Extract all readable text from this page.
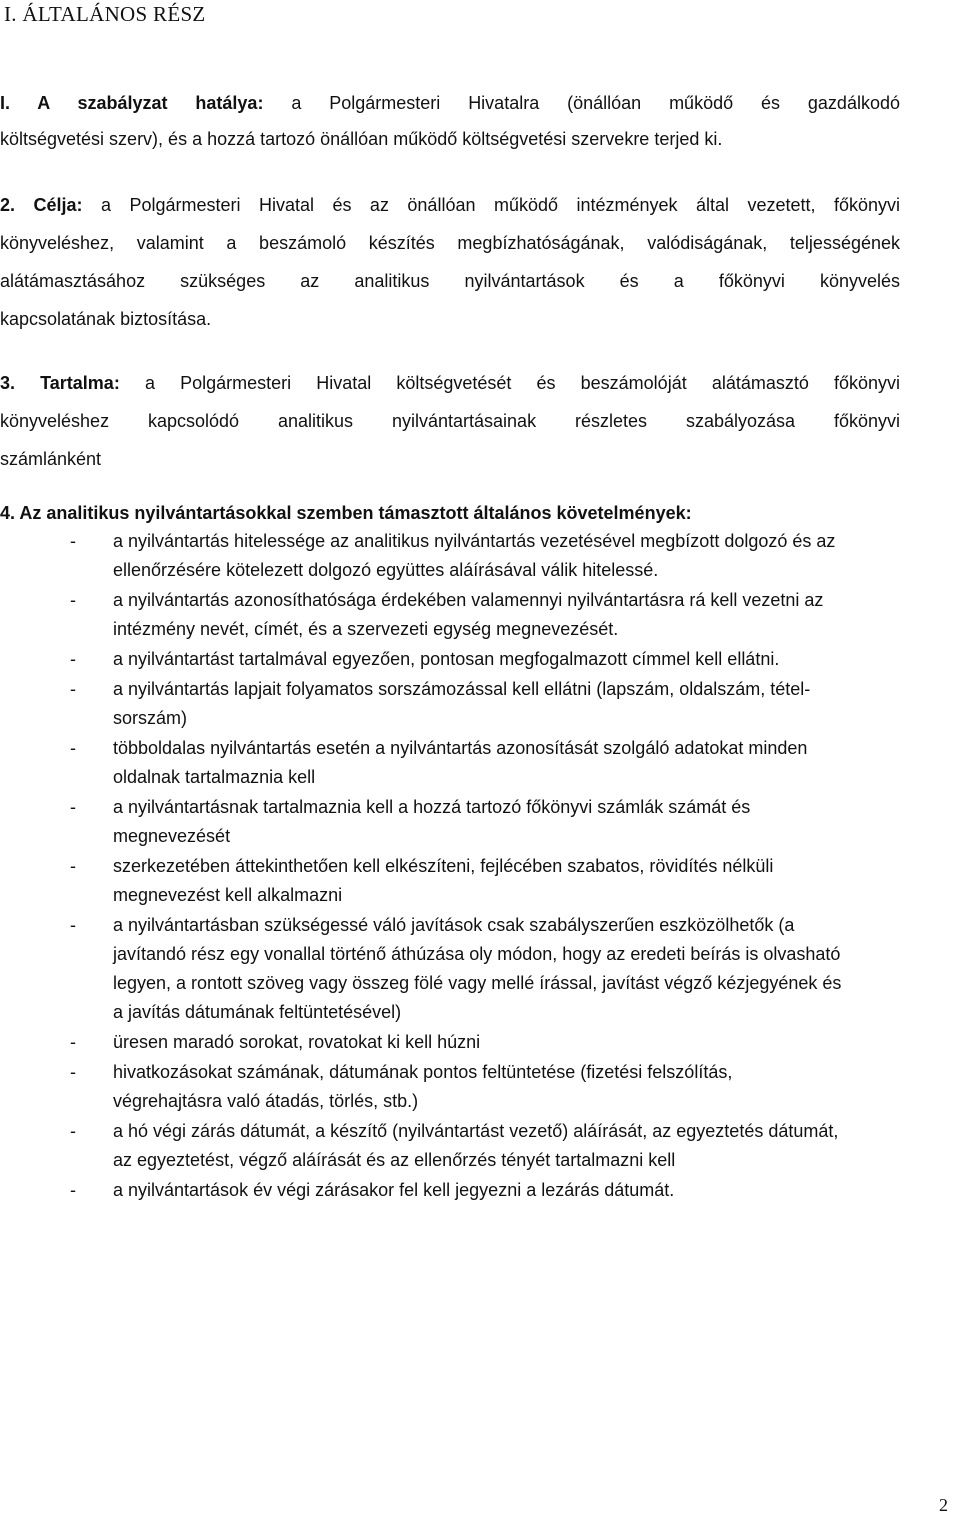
I. ÁLTALÁNOS RÉSZ
I. A szabályzat hatálya: a Polgármesteri Hivatalra (önállóan működő és gazdálkodó
költségvetési szerv), és a hozzá tartozó önállóan működő költségvetési szervekre terjed ki.
2. Célja: a Polgármesteri Hivatal és az önállóan működő intézmények által vezetett, főkönyvi
könyveléshez, valamint a beszámoló készítés megbízhatóságának, valódiságának, teljességének
alátámasztásához szükséges az analitikus nyilvántartások és a főkönyvi könyvelés
kapcsolatának biztosítása.
3. Tartalma: a Polgármesteri Hivatal költségvetését és beszámolóját alátámasztó főkönyvi
könyveléshez kapcsolódó analitikus nyilvántartásainak részletes szabályozása főkönyvi
számlánként
4. Az analitikus nyilvántartásokkal szemben támasztott általános követelmények:
- a nyilvántartás hitelessége az analitikus nyilvántartás vezetésével megbízott dolgozó és az
ellenőrzésére kötelezett dolgozó együttes aláírásával válik hitelessé.
- a nyilvántartás azonosíthatósága érdekében valamennyi nyilvántartásra rá kell vezetni az
intézmény nevét, címét, és a szervezeti egység megnevezését.
- a nyilvántartást tartalmával egyezően, pontosan megfogalmazott címmel kell ellátni.
- a nyilvántartás lapjait folyamatos sorszámozással kell ellátni (lapszám, oldalszám, tétel-
sorszám)
- többoldalas nyilvántartás esetén a nyilvántartás azonosítását szolgáló adatokat minden
oldalnak tartalmaznia kell
- a nyilvántartásnak tartalmaznia kell a hozzá tartozó főkönyvi számlák számát és
megnevezését
- szerkezetében áttekinthetően kell elkészíteni, fejlécében szabatos, rövidítés nélküli
megnevezést kell alkalmazni
- a nyilvántartásban szükségessé váló javítások csak szabályszerűen eszközölhetők (a
javítandó rész egy vonallal történő áthúzása oly módon, hogy az eredeti beírás is olvasható
legyen, a rontott szöveg vagy összeg fölé vagy mellé írással, javítást végző kézjegyének és
a javítás dátumának feltüntetésével)
- üresen maradó sorokat, rovatokat ki kell húzni
- hivatkozásokat számának, dátumának pontos feltüntetése (fizetési felszólítás,
végrehajtásra való átadás, törlés, stb.)
- a hó végi zárás dátumát, a készítő (nyilvántartást vezető) aláírását, az egyeztetés dátumát,
az egyeztetést, végző aláírását és az ellenőrzés tényét tartalmazni kell
- a nyilvántartások év végi zárásakor fel kell jegyezni a lezárás dátumát.
2
